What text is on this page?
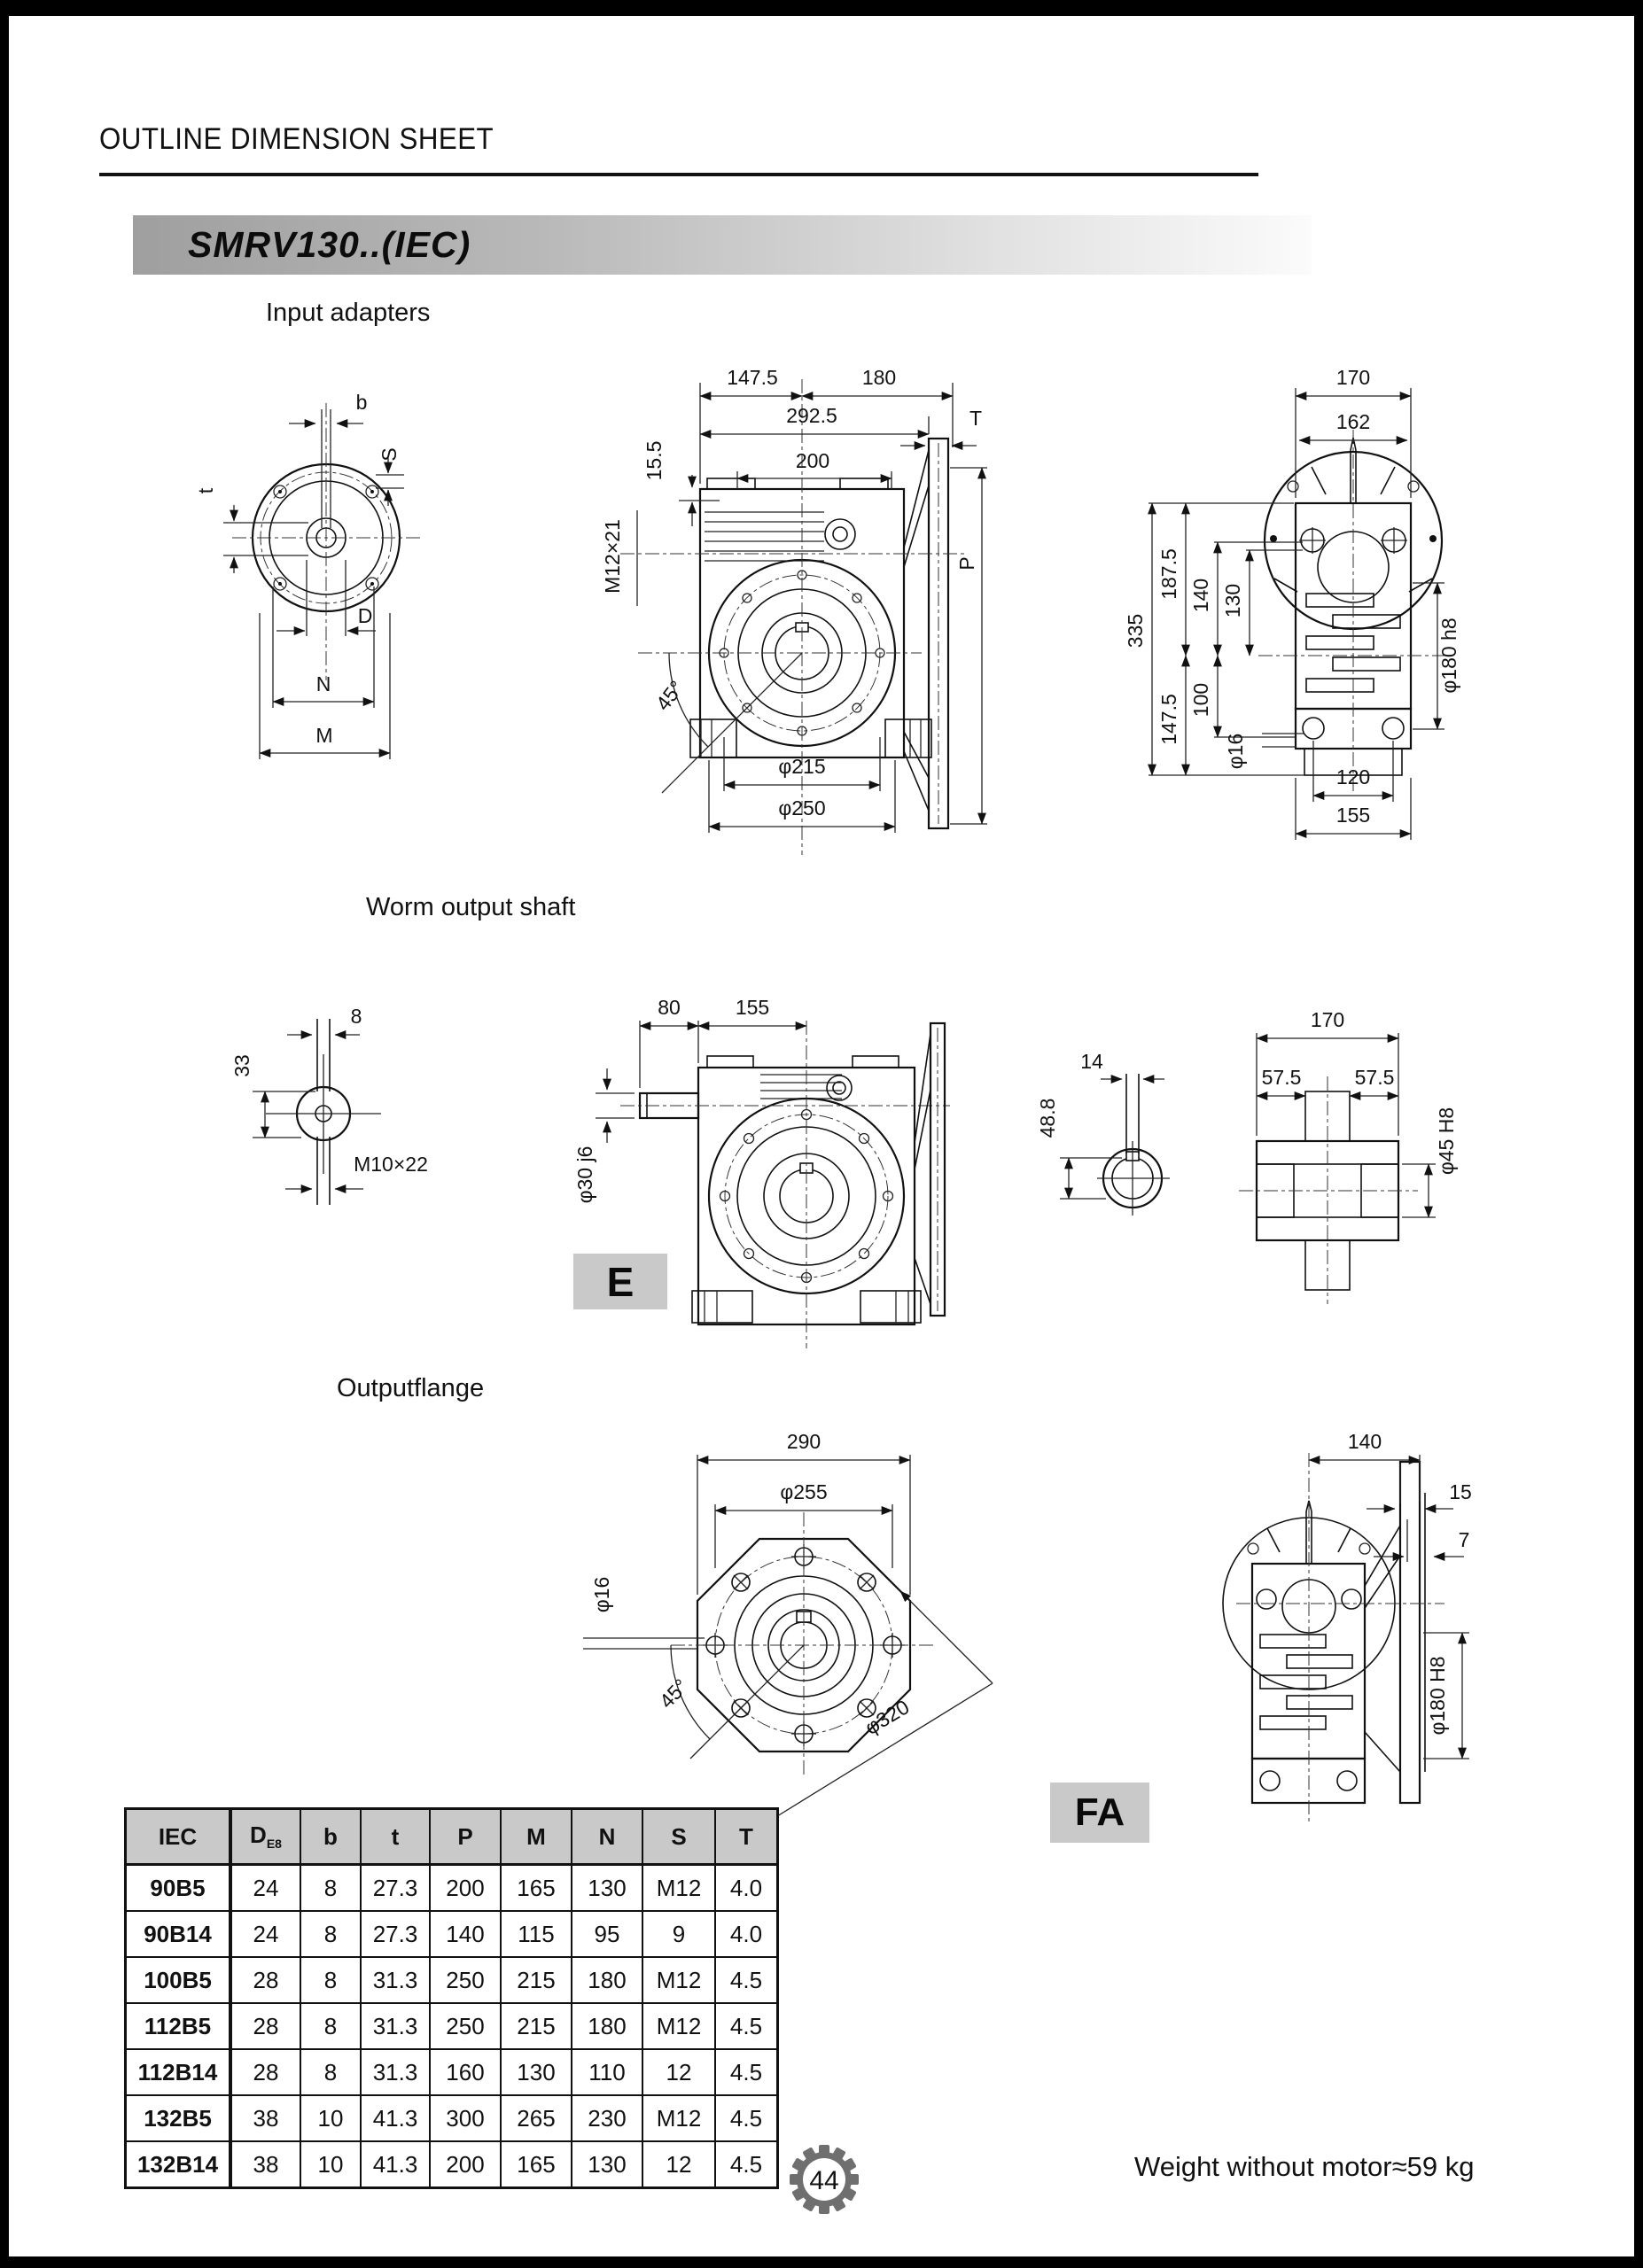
OUTLINE DIMENSION SHEET
SMRV130..(IEC)
Input adapters
Worm output shaft
Outputflange
b
S
t
D
N
M
15.5
M12×21
147.5	180
292.5
200
T
P
45°
φ215
φ250
170
162
335
187.5
147.5
140
100
130
φ180 h8
φ16
120
155
8
33
M10×22
80	155
φ30 j6
48.8
14
170
57.5	57.5
φ45 H8
290
φ255
φ16
45°
φ320
140
15
7
φ180 H8
E
FA
IEC	$D_{E8}$	b	t	P	M	N	S	T
90B5	24	8	27.3	200	165	130	M12	4.0
90B14	24	8	27.3	140	115	95	9	4.0
100B5	28	8	31.3	250	215	180	M12	4.5
112B5	28	8	31.3	250	215	180	M12	4.5
112B14	28	8	31.3	160	130	110	12	4.5
132B5	38	10	41.3	300	265	230	M12	4.5
132B14	38	10	41.3	200	165	130	12	4.5	Weight without motor≈59 kg
44
